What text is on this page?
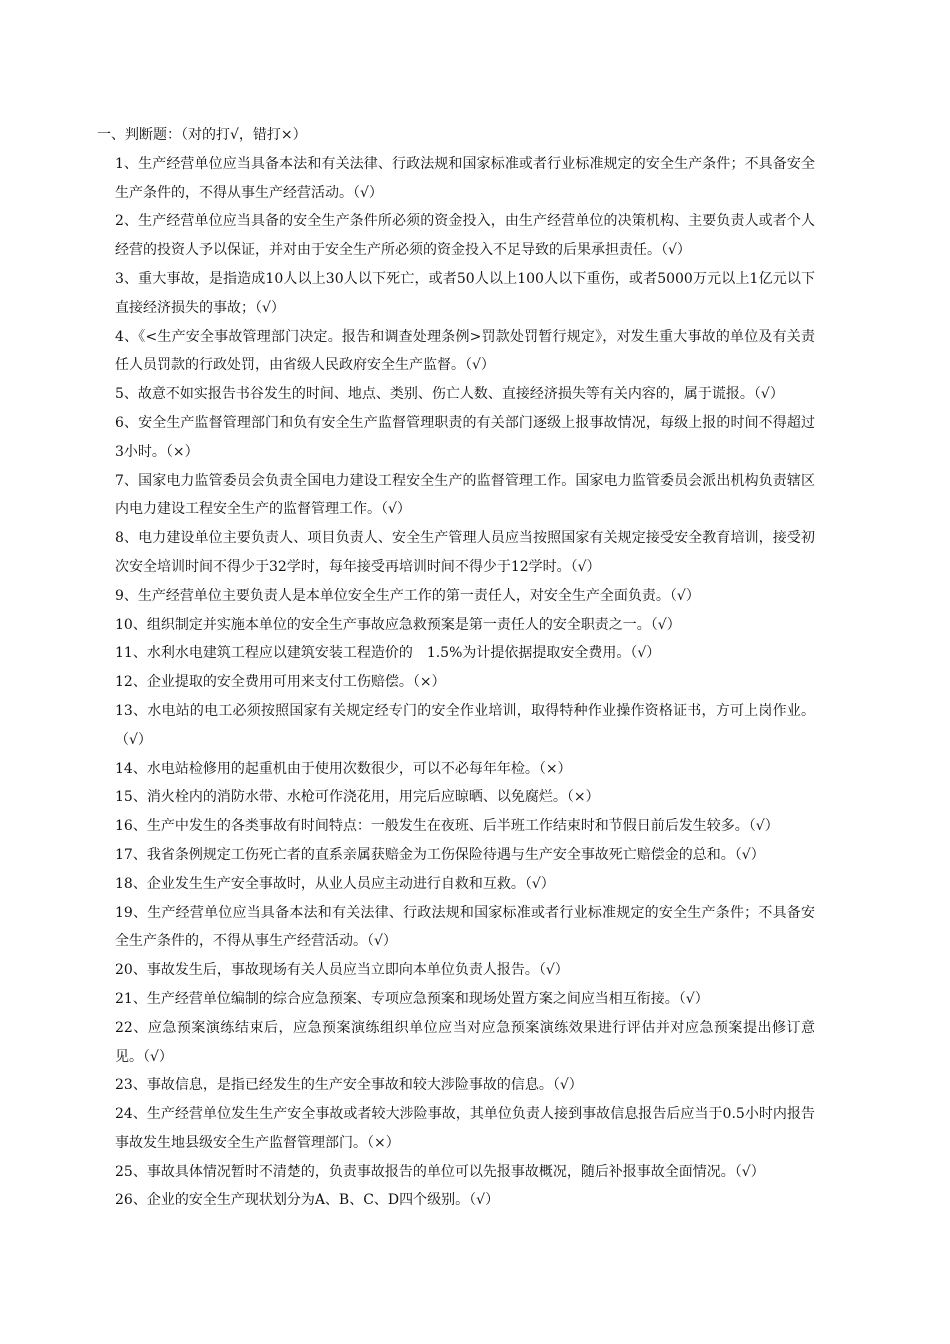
一、判断题：（对的打√，错打×）
1、生产经营单位应当具备本法和有关法律、行政法规和国家标准或者行业标准规定的安全生产条件；不具备安全生产条件的，不得从事生产经营活动。（√）
2、生产经营单位应当具备的安全生产条件所必须的资金投入，由生产经营单位的决策机构、主要负责人或者个人经营的投资人予以保证，并对由于安全生产所必须的资金投入不足导致的后果承担责任。（√）
3、重大事故，是指造成10人以上30人以下死亡，或者50人以上100人以下重伤，或者5000万元以上1亿元以下直接经济损失的事故；（√）
4、《<生产安全事故管理部门决定。报告和调查处理条例>罚款处罚暂行规定》，对发生重大事故的单位及有关责任人员罚款的行政处罚，由省级人民政府安全生产监督。（√）
5、故意不如实报告书谷发生的时间、地点、类别、伤亡人数、直接经济损失等有关内容的，属于谎报。（√）
6、安全生产监督管理部门和负有安全生产监督管理职责的有关部门逐级上报事故情况，每级上报的时间不得超过3小时。（×）
7、国家电力监管委员会负责全国电力建设工程安全生产的监督管理工作。国家电力监管委员会派出机构负责辖区内电力建设工程安全生产的监督管理工作。（√）
8、电力建设单位主要负责人、项目负责人、安全生产管理人员应当按照国家有关规定接受安全教育培训，接受初次安全培训时间不得少于32学时，每年接受再培训时间不得少于12学时。（√）
9、生产经营单位主要负责人是本单位安全生产工作的第一责任人，对安全生产全面负责。（√）
10、组织制定并实施本单位的安全生产事故应急救预案是第一责任人的安全职责之一。（√）
11、水利水电建筑工程应以建筑安装工程造价的　1.5%为计提依据提取安全费用。（√）
12、企业提取的安全费用可用来支付工伤赔偿。（×）
13、水电站的电工必须按照国家有关规定经专门的安全作业培训，取得特种作业操作资格证书，方可上岗作业。（√）
14、水电站检修用的起重机由于使用次数很少，可以不必每年年检。（×）
15、消火栓内的消防水带、水枪可作浇花用，用完后应晾晒、以免腐烂。（×）
16、生产中发生的各类事故有时间特点：一般发生在夜班、后半班工作结束时和节假日前后发生较多。（√）
17、我省条例规定工伤死亡者的直系亲属获赔金为工伤保险待遇与生产安全事故死亡赔偿金的总和。（√）
18、企业发生生产安全事故时，从业人员应主动进行自救和互救。（√）
19、生产经营单位应当具备本法和有关法律、行政法规和国家标准或者行业标准规定的安全生产条件；不具备安全生产条件的，不得从事生产经营活动。（√）
20、事故发生后，事故现场有关人员应当立即向本单位负责人报告。（√）
21、生产经营单位编制的综合应急预案、专项应急预案和现场处置方案之间应当相互衔接。（√）
22、应急预案演练结束后，应急预案演练组织单位应当对应急预案演练效果进行评估并对应急预案提出修订意见。（√）
23、事故信息，是指已经发生的生产安全事故和较大涉险事故的信息。（√）
24、生产经营单位发生生产安全事故或者较大涉险事故，其单位负责人接到事故信息报告后应当于0.5小时内报告事故发生地县级安全生产监督管理部门。（×）
25、事故具体情况暂时不清楚的，负责事故报告的单位可以先报事故概况，随后补报事故全面情况。（√）
26、企业的安全生产现状划分为A、B、C、D四个级别。（√）
